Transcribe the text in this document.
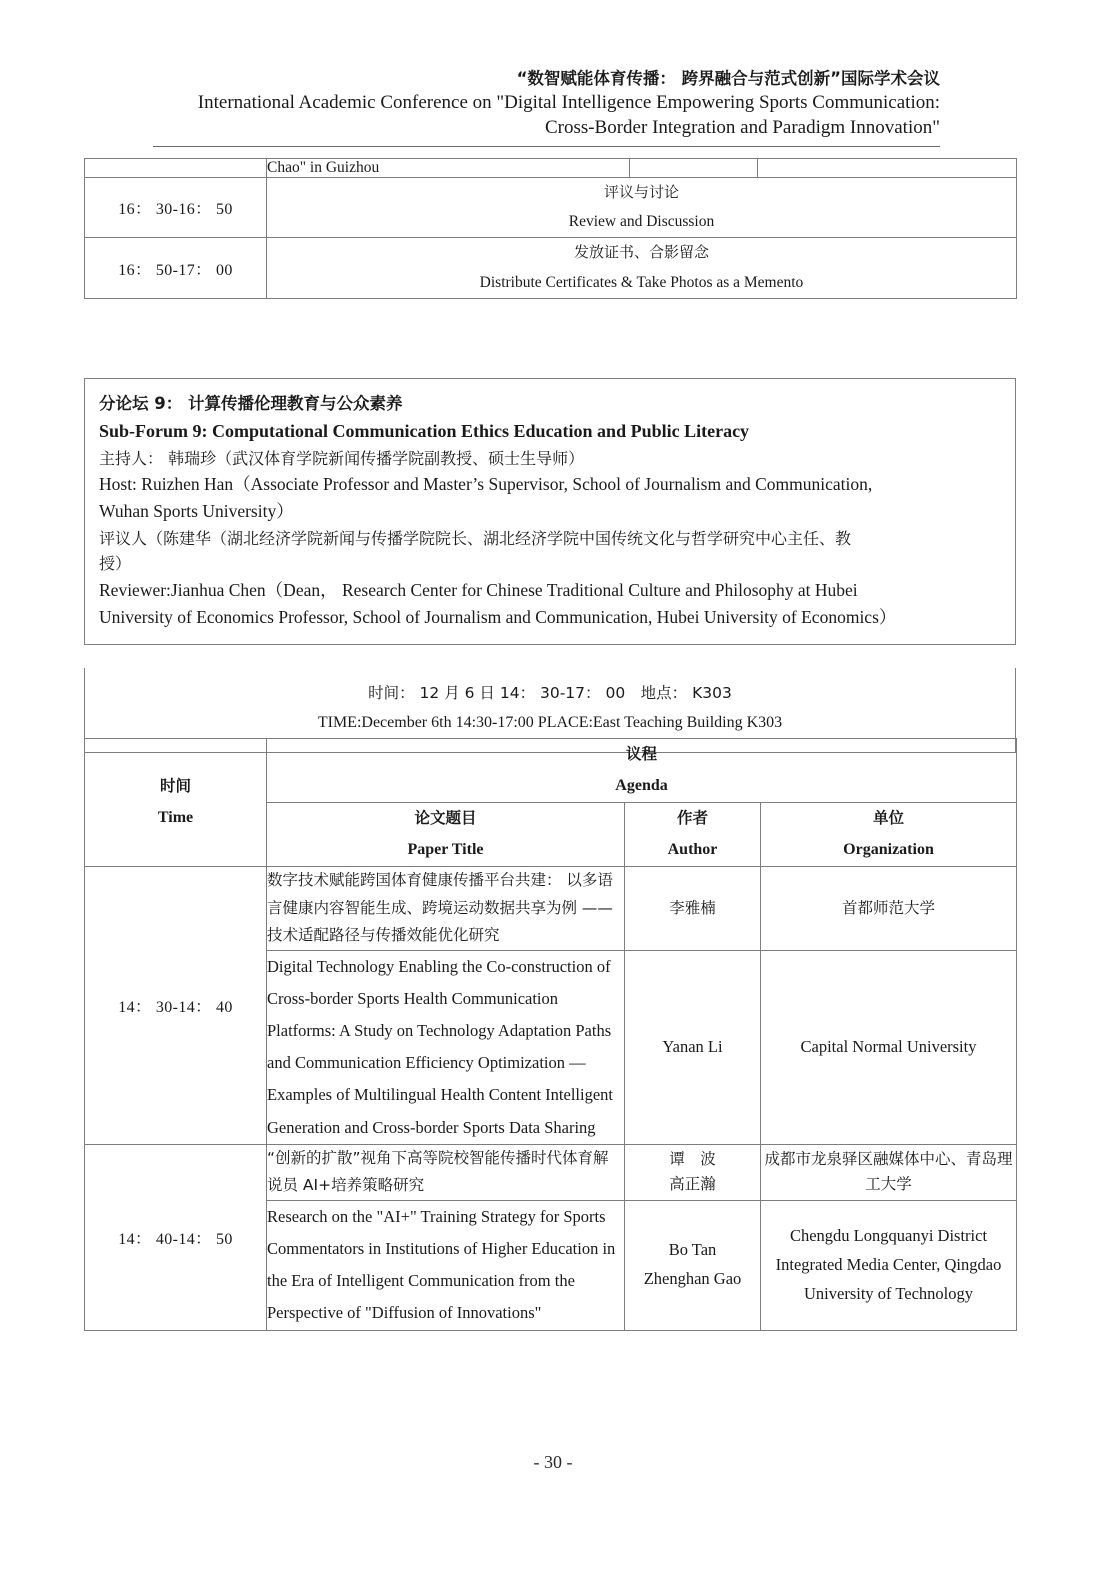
“数智赋能体育传播： 跨界融合与范式创新”国际学术会议
International Academic Conference on "Digital Intelligence Empowering Sports Communication:
Cross-Border Integration and Paradigm Innovation"
	Chao" in Guizhou		
16： 30-16： 50	评议与讨论
Review and Discussion		

16： 50-17： 00	发放证书、合影留念
Distribute Certificates & Take Photos as a Memento		
分论坛 9： 计算传播伦理教育与公众素养
Sub-Forum 9: Computational Communication Ethics Education and Public Literacy
主持人： 韩瑞珍（武汉体育学院新闻传播学院副教授、硕士生导师）
Host: Ruizhen Han（Associate Professor and Master’s Supervisor, School of Journalism and Communication,
Wuhan Sports University）
评议人（陈建华（湖北经济学院新闻与传播学院院长、湖北经济学院中国传统文化与哲学研究中心主任、教
授）
Reviewer:Jianhua Chen（Dean， Research Center for Chinese Traditional Culture and Philosophy at Hubei
University of Economics Professor, School of Journalism and Communication, Hubei University of Economics）
时间： 12 月 6 日 14： 30-17： 00　地点： K303
TIME:December 6th 14:30-17:00 PLACE:East Teaching Building K303
时间
Time	议程
Agenda		

	论文题目
Paper Title	作者
Author	单位
Organization

14： 30-14： 40	数字技术赋能跨国体育健康传播平台共建： 以多语言健康内容智能生成、跨境运动数据共享为例 —— 技术适配路径与传播效能优化研究	李雅楠	首都师范大学
	Digital Technology Enabling the Co-construction of Cross-border Sports Health Communication Platforms: A Study on Technology Adaptation Paths and Communication Efficiency Optimization — Examples of Multilingual Health Content Intelligent Generation and Cross-border Sports Data Sharing	Yanan Li	Capital Normal University
14： 40-14： 50	“创新的扩散”视角下高等院校智能传播时代体育解说员 AI+培养策略研究	谭　波
高正瀚	成都市龙泉驿区融媒体中心、青岛理工大学
	Research on the "AI+" Training Strategy for Sports Commentators in Institutions of Higher Education in the Era of Intelligent Communication from the Perspective of "Diffusion of Innovations"	Bo Tan
Zhenghan Gao	Chengdu Longquanyi District Integrated Media Center, Qingdao University of Technology
- 30 -
